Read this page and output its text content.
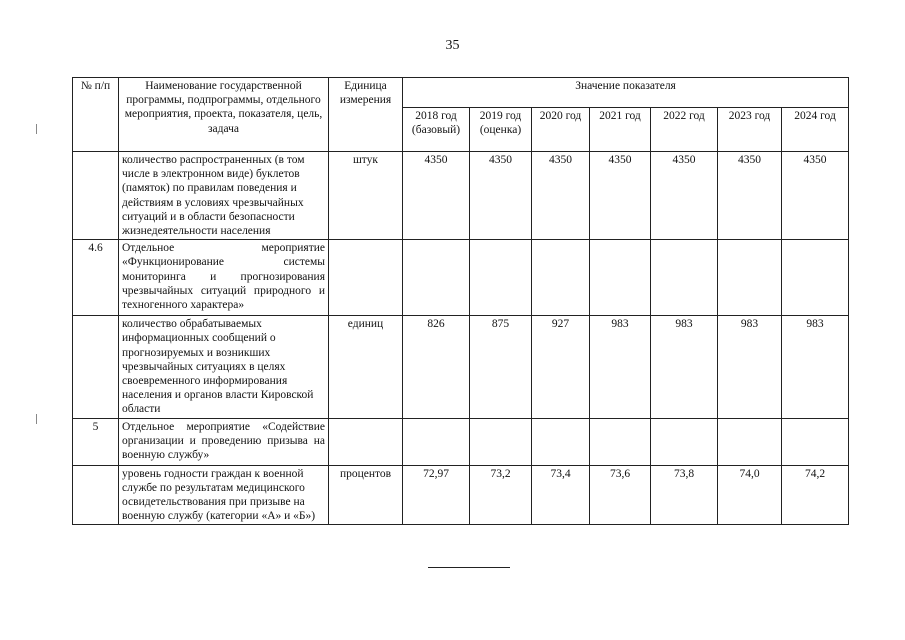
35
№ п/п	Наименование государственной программы, подпрограммы, отдельного мероприятия, проекта, показателя, цель, задача	Единица измерения	Значение показателя						
			2018 год (базовый)	2019 год (оценка)	2020 год	2021 год	2022 год	2023 год	2024 год
	количество распространенных (в том числе в электронном виде) буклетов (памяток) по правилам поведения и действиям в условиях чрезвычайных ситуаций и в области безопасности жизнедеятельности населения	штук	4350	4350	4350	4350	4350	4350	4350
4.6	Отдельное мероприятие «Функционирование системы мониторинга и прогнозирования чрезвычайных ситуаций природного и техногенного характера»								
	количество обрабатываемых информационных сообщений о прогнозируемых и возникших чрезвычайных ситуациях в целях своевременного информирования населения и органов власти Кировской области	единиц	826	875	927	983	983	983	983
5	Отдельное мероприятие «Содействие организации и проведению призыва на военную службу»								
	уровень годности граждан к военной службе по результатам медицинского освидетельствования при призыве на военную службу (категории «А» и «Б»)	процентов	72,97	73,2	73,4	73,6	73,8	74,0	74,2
